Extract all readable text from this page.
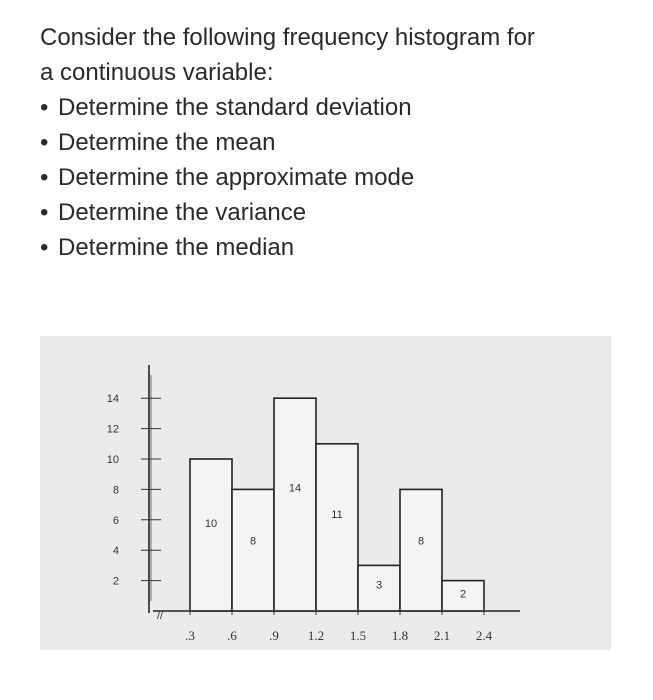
Consider the following frequency histogram for
a continuous variable:

• Determine the standard deviation
• Determine the mean
• Determine the approximate mode
• Determine the variance
• Determine the median
//
2
4
6
8
10
12
14
10
8
14
11
3
8
2
.3 .6 .9 1.2 1.5 1.8 2.1 2.4
